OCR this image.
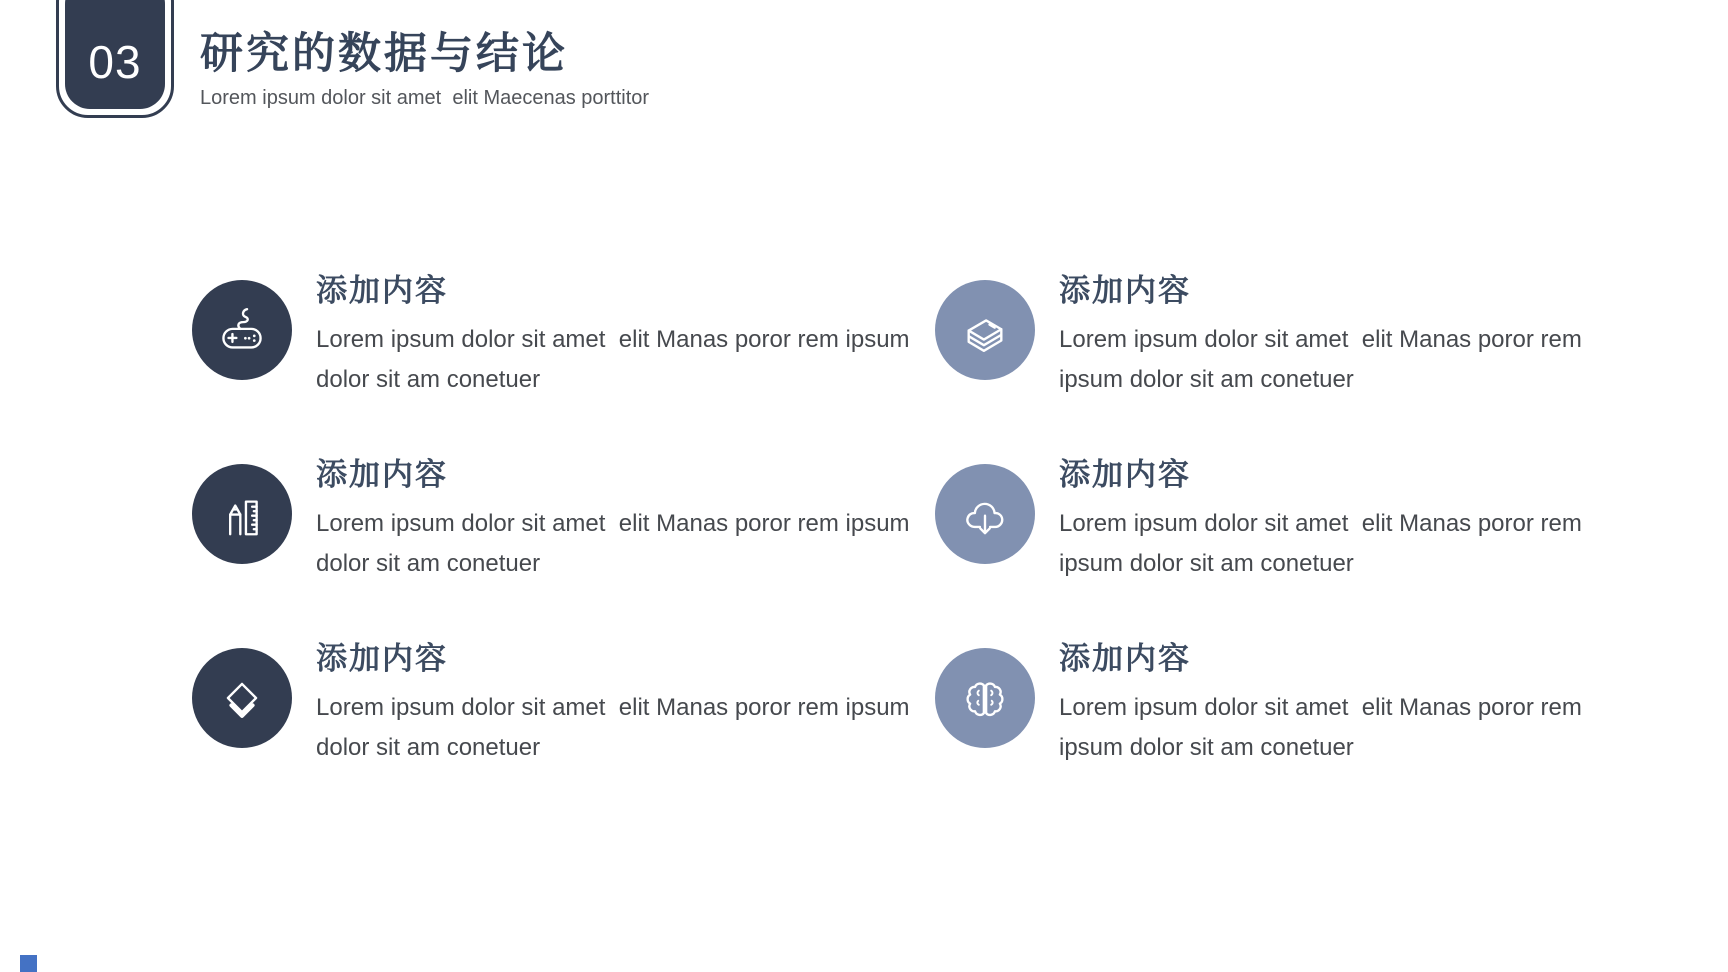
03 研究的数据与结论
Lorem ipsum dolor sit amet  elit Maecenas porttitor
添加内容
Lorem ipsum dolor sit amet  elit Manas poror rem ipsum dolor sit am conetuer
添加内容
Lorem ipsum dolor sit amet  elit Manas poror rem ipsum dolor sit am conetuer
添加内容
Lorem ipsum dolor sit amet  elit Manas poror rem ipsum dolor sit am conetuer
添加内容
Lorem ipsum dolor sit amet  elit Manas poror rem ipsum dolor sit am conetuer
添加内容
Lorem ipsum dolor sit amet  elit Manas poror rem ipsum dolor sit am conetuer
添加内容
Lorem ipsum dolor sit amet  elit Manas poror rem ipsum dolor sit am conetuer
